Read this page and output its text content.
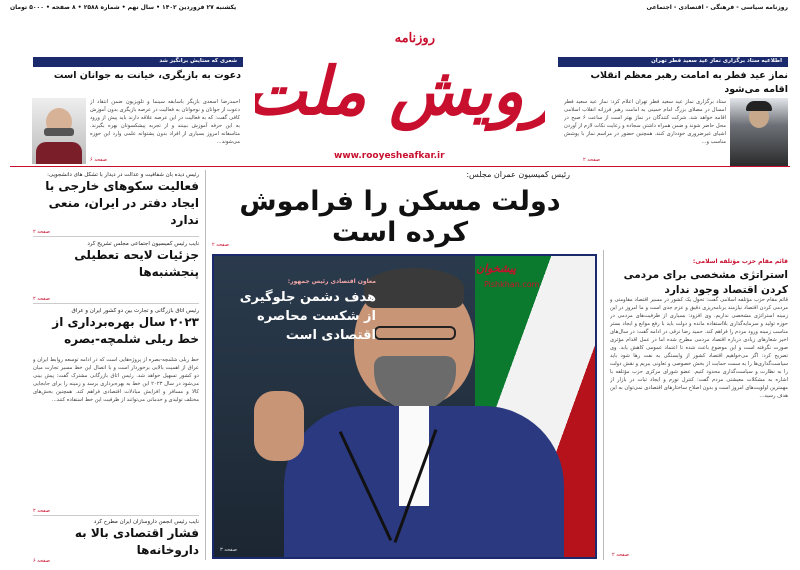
روزنامه سیاسی - فرهنگی - اقتصادی - اجتماعی
یکشنبه ۲۷ فروردین ۱۴۰۲ • سال نهم • شماره ۲۵۸۸ • ۸ صفحه • ۵۰۰۰ تومان
روزنامه
رویش ملت
www.rooyesheafkar.ir
اطلاعیه ستاد برگزاری نماز عید سعید فطر تهران
نماز عید فطر به امامت رهبر معظم انقلاب اقامه می‌شود
ستاد برگزاری نماز عید سعید فطر تهران اعلام کرد: نماز عید سعید فطر امسال در مصلای بزرگ امام خمینی به امامت رهبر فرزانه انقلاب اسلامی اقامه خواهد شد. شرکت کنندگان در نماز بهتر است از ساعت ۶ صبح در محل حاضر شوند و ضمن همراه داشتن سجاده و رعایت نکات لازم از آوردن اشیای غیرضروری خودداری کنند. همچنین حضور در مراسم نماز با پوشش مناسب و...
صفحه ۲
شعری که ستایش برانگیز شد
دعوت به بازیگری، خیانت به جوانان است
احمدرضا اسعدی بازیگر باسابقه سینما و تلویزیون ضمن انتقاد از دعوت از جوانان و نوجوانان به فعالیت در عرصه بازیگری بدون آموزش کافی گفت: که به فعالیت در این عرصه علاقه دارند باید پیش از ورود به این حرفه آموزش ببینند و از تجربه پیشکسوتان بهره بگیرند. متاسفانه امروز بسیاری از افراد بدون پشتوانه علمی وارد این حوزه می‌شوند...
صفحه ۶
رئیس کمیسیون عمران مجلس:
دولت مسکن را فراموش کرده است
صفحه ۲
معاون اقتصادی رئیس جمهور:
هدف دشمن جلوگیری از شکست محاصره اقتصادی است
پیشخوان
Pishkhan.com
صفحه ۳
رئیس دیده بان شفافیت و عدالت در دیدار با تشکل های دانشجویی:
فعالیت سکوهای خارجی با ایجاد دفتر در ایران، منعی ندارد
صفحه ۲
نایب رئیس کمیسیون اجتماعی مجلس تشریح کرد
جزئیات لایحه تعطیلی پنجشنبه‌ها
صفحه ۲
رئیس اتاق بازرگانی و تجارت بین دو کشور ایران و عراق
۲۰۲۳ سال بهره‌برداری از خط ریلی شلمچه-بصره
خط ریلی شلمچه-بصره از پروژه‌هایی است که در ادامه توسعه روابط ایران و عراق از اهمیت بالایی برخوردار است و با اتصال این خط مسیر تجارت میان دو کشور تسهیل خواهد شد. رئیس اتاق بازرگانی مشترک گفت: پیش بینی می‌شود در سال ۲۰۲۳ این خط به بهره‌برداری برسد و زمینه را برای جابجایی کالا و مسافر و افزایش مبادلات اقتصادی فراهم کند. همچنین بخش‌های مختلف تولیدی و خدماتی می‌توانند از ظرفیت این خط استفاده کنند...
صفحه ۲
نایب رئیس انجمن داروسازان ایران مطرح کرد
فشار اقتصادی بالا به داروخانه‌ها
صفحه ۶
قائم مقام حزب مؤتلفه اسلامی:
استراتژی مشخصی برای مردمی کردن اقتصاد وجود ندارد
قائم مقام حزب مؤتلفه اسلامی گفت: تحول یک کشور در مسیر اقتصاد مقاومتی و مردمی کردن اقتصاد نیازمند برنامه‌ریزی دقیق و عزم جدی است و ما امروز در این زمینه استراتژی مشخصی نداریم. وی افزود: بسیاری از ظرفیت‌های مردمی در حوزه تولید و سرمایه‌گذاری بلااستفاده مانده و دولت باید با رفع موانع و ایجاد بستر مناسب زمینه ورود مردم را فراهم کند. حمید رضا ترقی در ادامه گفت: در سال‌های اخیر شعارهای زیادی درباره اقتصاد مردمی مطرح شده اما در عمل اقدام مؤثری صورت نگرفته است و این موضوع باعث شده تا اعتماد عمومی کاهش یابد. وی تصریح کرد: اگر می‌خواهیم اقتصاد کشور از وابستگی به نفت رها شود باید سیاست‌گذاری‌ها را به سمت حمایت از بخش خصوصی و تعاونی ببریم و نقش دولت را به نظارت و سیاست‌گذاری محدود کنیم. عضو شورای مرکزی حزب مؤتلفه با اشاره به مشکلات معیشتی مردم گفت: کنترل تورم و ایجاد ثبات در بازار از مهمترین اولویت‌های امروز است و بدون اصلاح ساختارهای اقتصادی نمی‌توان به این هدف رسید...
صفحه ۲
